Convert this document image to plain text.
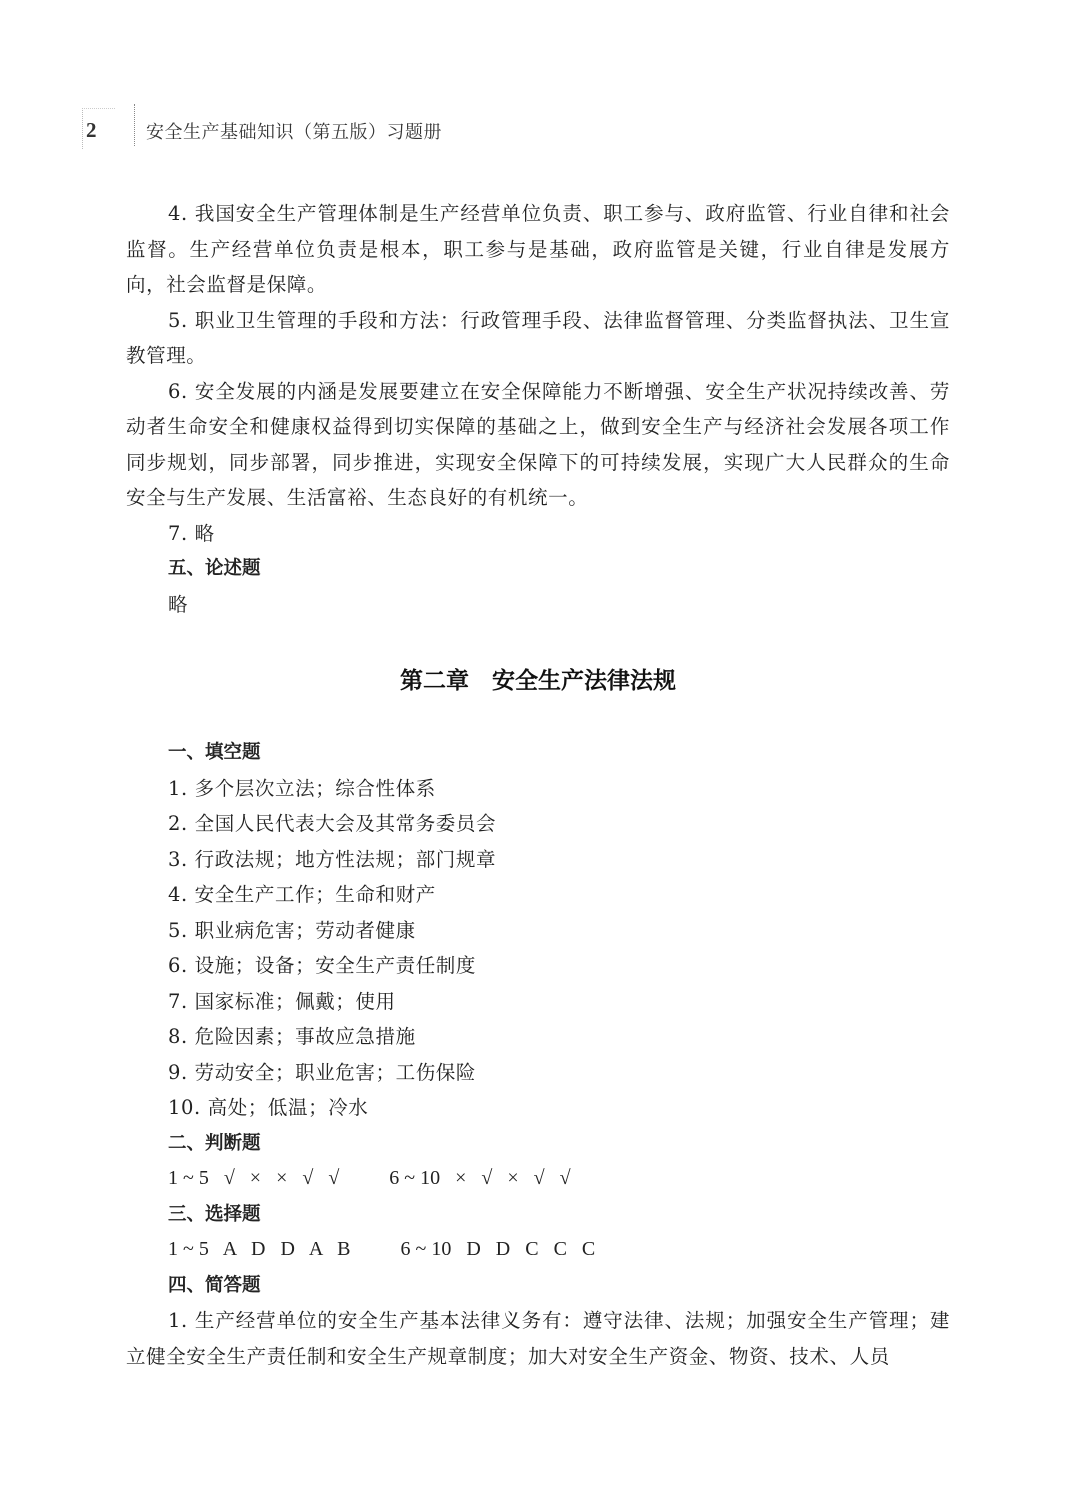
2	安全生产基础知识（第五版）习题册

4. 我国安全生产管理体制是生产经营单位负责、职工参与、政府监管、行业自律和社会监督。生产经营单位负责是根本，职工参与是基础，政府监管是关键，行业自律是发展方向，社会监督是保障。

5. 职业卫生管理的手段和方法：行政管理手段、法律监督管理、分类监督执法、卫生宣教管理。

6. 安全发展的内涵是发展要建立在安全保障能力不断增强、安全生产状况持续改善、劳动者生命安全和健康权益得到切实保障的基础之上，做到安全生产与经济社会发展各项工作同步规划，同步部署，同步推进，实现安全保障下的可持续发展，实现广大人民群众的生命安全与生产发展、生活富裕、生态良好的有机统一。

7. 略

五、论述题
略
第二章　安全生产法律法规
一、填空题
1. 多个层次立法；综合性体系
2. 全国人民代表大会及其常务委员会
3. 行政法规；地方性法规；部门规章
4. 安全生产工作；生命和财产
5. 职业病危害；劳动者健康
6. 设施；设备；安全生产责任制度
7. 国家标准；佩戴；使用
8. 危险因素；事故应急措施
9. 劳动安全；职业危害；工伤保险
10. 高处；低温；冷水
二、判断题
1 ~ 5   √   ×   ×   √   √          6 ~ 10   ×   √   ×   √   √
三、选择题
1 ~ 5   A   D   D   A   B          6 ~ 10   D   D   C   C   C
四、简答题

1. 生产经营单位的安全生产基本法律义务有：遵守法律、法规；加强安全生产管理；建立健全安全生产责任制和安全生产规章制度；加大对安全生产资金、物资、技术、人员
